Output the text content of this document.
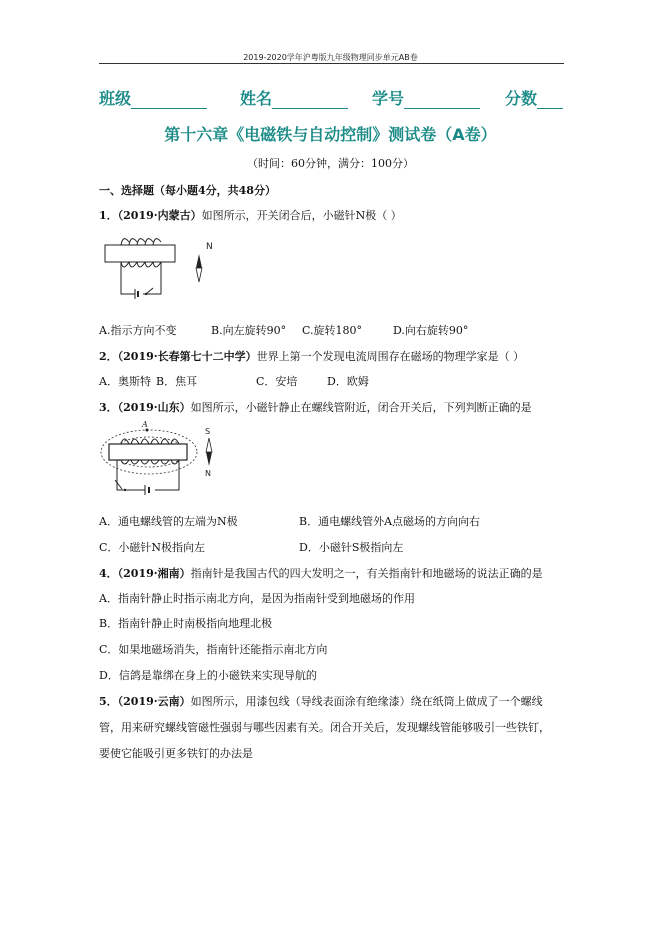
2019-2020学年沪粤版九年级物理同步单元AB卷
班级	姓名	学号	分数
第十六章《电磁铁与自动控制》测试卷（A卷）
（时间：60分钟，满分：100分）
一、选择题（每小题4分，共48分）
1．（2019·内蒙古）如图所示，开关闭合后，小磁针N极（ ）
N
A.指示方向不变	B.向左旋转90° C.旋转180°	D.向右旋转90°
2．（2019·长春第七十二中学）世界上第一个发现电流周围存在磁场的物理学家是（ ）
A．奥斯特 B．焦耳	C．安培	D．欧姆
3．（2019·山东）如图所示，小磁针静止在螺线管附近，闭合开关后，下列判断正确的是
A
S
N
A．通电螺线管的左端为N极	B．通电螺线管外A点磁场的方向向右
C．小磁针N极指向左	D．小磁针S极指向左
4．（2019·湘南）指南针是我国古代的四大发明之一，有关指南针和地磁场的说法正确的是
A．指南针静止时指示南北方向，是因为指南针受到地磁场的作用
B．指南针静止时南极指向地理北极
C．如果地磁场消失，指南针还能指示南北方向
D．信鸽是靠绑在身上的小磁铁来实现导航的
5．（2019·云南）如图所示，用漆包线（导线表面涂有绝缘漆）绕在纸筒上做成了一个螺线
管，用来研究螺线管磁性强弱与哪些因素有关。闭合开关后，发现螺线管能够吸引一些铁钉，
要使它能吸引更多铁钉的办法是
